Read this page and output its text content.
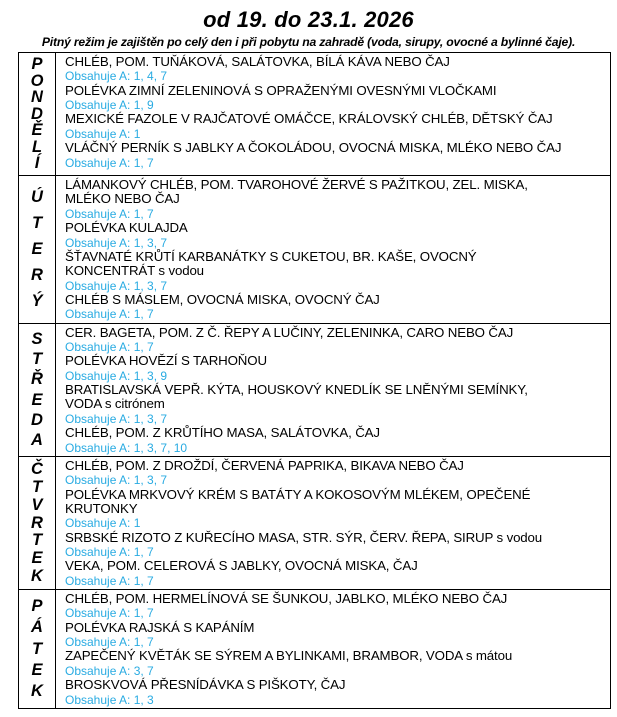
od 19. do 23.1. 2026
Pitný režim je zajištěn po celý den i při pobytu na zahradě (voda, sirupy, ovocné a bylinné čaje).
P
O
N
D
Ě
L
Í
CHLÉB, POM. TUŇÁKOVÁ, SALÁTOVKA, BÍLÁ KÁVA NEBO ČAJ
Obsahuje A: 1, 4, 7
POLÉVKA ZIMNÍ ZELENINOVÁ S OPRAŽENÝMI OVESNÝMI VLOČKAMI
Obsahuje A: 1, 9
MEXICKÉ FAZOLE V RAJČATOVÉ OMÁČCE, KRÁLOVSKÝ CHLÉB, DĚTSKÝ ČAJ
Obsahuje A: 1
VLÁČNÝ PERNÍK S JABLKY A ČOKOLÁDOU, OVOCNÁ MISKA, MLÉKO NEBO ČAJ
Obsahuje A: 1, 7
Ú
T
E
R
Ý
LÁMANKOVÝ CHLÉB, POM. TVAROHOVÉ ŽERVÉ S PAŽITKOU, ZEL. MISKA,
MLÉKO NEBO ČAJ
Obsahuje A: 1, 7
POLÉVKA KULAJDA
Obsahuje A: 1, 3, 7
ŠŤAVNATÉ KRŮTÍ KARBANÁTKY S CUKETOU, BR. KAŠE, OVOCNÝ
KONCENTRÁT s vodou
Obsahuje A: 1, 3, 7
CHLÉB S MÁSLEM, OVOCNÁ MISKA, OVOCNÝ ČAJ
Obsahuje A: 1, 7
S
T
Ř
E
D
A
CER. BAGETA, POM. Z Č. ŘEPY A LUČINY, ZELENINKA, CARO NEBO ČAJ
Obsahuje A: 1, 7
POLÉVKA HOVĚZÍ S TARHOŇOU
Obsahuje A: 1, 3, 9
BRATISLAVSKÁ VEPŘ. KÝTA, HOUSKOVÝ KNEDLÍK SE LNĚNÝMI SEMÍNKY,
VODA s citrónem
Obsahuje A: 1, 3, 7
CHLÉB, POM. Z KRŮTÍHO MASA, SALÁTOVKA, ČAJ
Obsahuje A: 1, 3, 7, 10
Č
T
V
R
T
E
K
CHLÉB, POM. Z DROŽDÍ, ČERVENÁ PAPRIKA, BIKAVA NEBO ČAJ
Obsahuje A: 1, 3, 7
POLÉVKA MRKVOVÝ KRÉM S BATÁTY A KOKOSOVÝM MLÉKEM, OPEČENÉ
KRUTONKY
Obsahuje A: 1
SRBSKÉ RIZOTO Z KUŘECÍHO MASA, STR. SÝR, ČERV. ŘEPA, SIRUP s vodou
Obsahuje A: 1, 7
VEKA, POM. CELEROVÁ S JABLKY, OVOCNÁ MISKA, ČAJ
Obsahuje A: 1, 7
P
Á
T
E
K
CHLÉB, POM. HERMELÍNOVÁ SE ŠUNKOU, JABLKO, MLÉKO NEBO ČAJ
Obsahuje A: 1, 7
POLÉVKA RAJSKÁ S KAPÁNÍM
Obsahuje A: 1, 7
ZAPEČENÝ KVĚTÁK SE SÝREM A BYLINKAMI, BRAMBOR, VODA s mátou
Obsahuje A: 3, 7
BROSKVOVÁ PŘESNÍDÁVKA S PIŠKOTY, ČAJ
Obsahuje A: 1, 3
